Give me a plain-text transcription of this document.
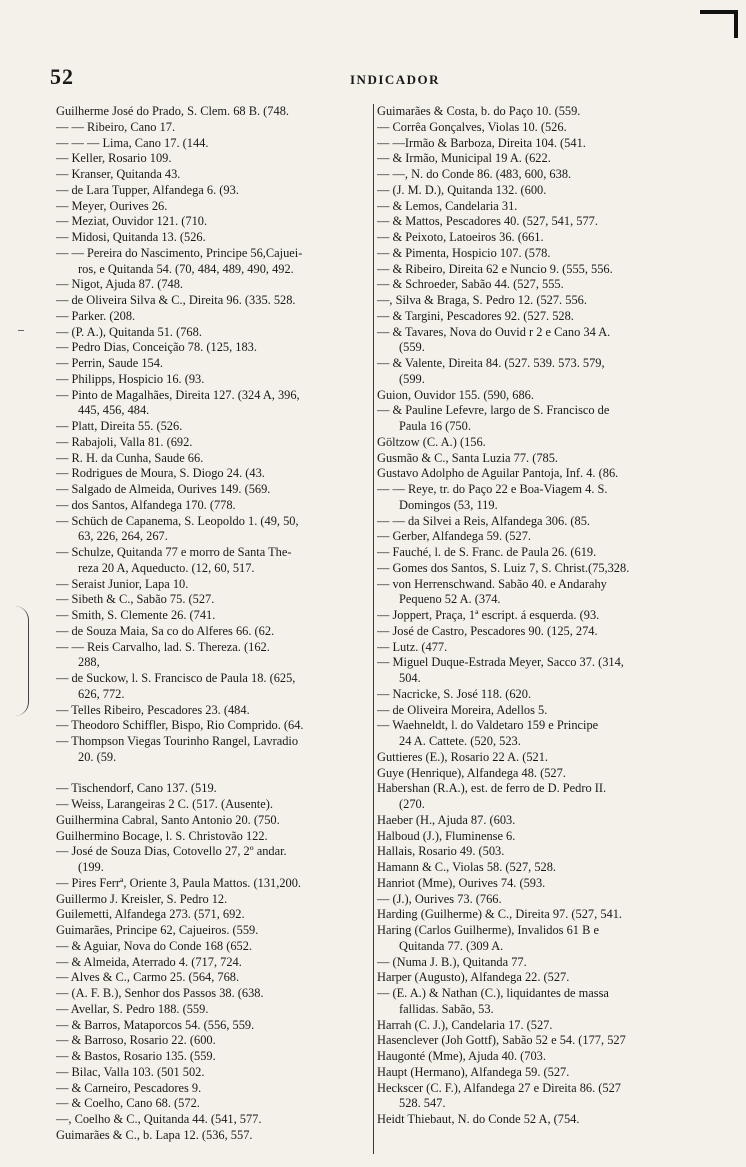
52	INDICADOR
Guilherme José do Prado, S. Clem. 68 B. (748.
— — Ribeiro, Cano 17.
— — — Lima, Cano 17. (144.
— Keller, Rosario 109.
— Kranser, Quitanda 43.
— de Lara Tupper, Alfandega 6. (93.
— Meyer, Ourives 26.
— Meziat, Ouvidor 121. (710.
— Midosi, Quitanda 13. (526.
— — Pereira do Nascimento, Principe 56,Cajuei-
ros, e Quitanda 54. (70, 484, 489, 490, 492.
— Nigot, Ajuda 87. (748.
— de Oliveira Silva & C., Direita 96. (335. 528.
— Parker. (208.
— (P. A.), Quitanda 51. (768.
— Pedro Dias, Conceição 78. (125, 183.
— Perrin, Saude 154.
— Philipps, Hospicio 16. (93.
— Pinto de Magalhães, Direita 127. (324 A, 396,
445, 456, 484.
— Platt, Direita 55. (526.
— Rabajoli, Valla 81. (692.
— R. H. da Cunha, Saude 66.
— Rodrigues de Moura, S. Diogo 24. (43.
— Salgado de Almeida, Ourives 149. (569.
— dos Santos, Alfandega 170. (778.
— Schüch de Capanema, S. Leopoldo 1. (49, 50,
63, 226, 264, 267.
— Schulze, Quitanda 77 e morro de Santa The-
reza 20 A, Aqueducto. (12, 60, 517.
— Seraist Junior, Lapa 10.
— Sibeth & C., Sabão 75. (527.
— Smith, S. Clemente 26. (741.
— de Souza Maia, Sa co do Alferes 66. (62.
— — Reis Carvalho, lad. S. Thereza. (162.
288,
— de Suckow, l. S. Francisco de Paula 18. (625,
626, 772.
— Telles Ribeiro, Pescadores 23. (484.
— Theodoro Schiffler, Bispo, Rio Comprido. (64.
— Thompson Viegas Tourinho Rangel, Lavradio
20. (59.

— Tischendorf, Cano 137. (519.
— Weiss, Larangeiras 2 C. (517. (Ausente).
Guilhermina Cabral, Santo Antonio 20. (750.
Guilhermino Bocage, l. S. Christovão 122.
— José de Souza Dias, Cotovello 27, 2º andar.
(199.
— Pires Ferrª, Oriente 3, Paula Mattos. (131,200.
Guillermo J. Kreisler, S. Pedro 12.
Guilemetti, Alfandega 273. (571, 692.
Guimarães, Principe 62, Cajueiros. (559.
— & Aguiar, Nova do Conde 168 (652.
— & Almeida, Aterrado 4. (717, 724.
— Alves & C., Carmo 25. (564, 768.
— (A. F. B.), Senhor dos Passos 38. (638.
— Avellar, S. Pedro 188. (559.
— & Barros, Mataporcos 54. (556, 559.
— & Barroso, Rosario 22. (600.
— & Bastos, Rosario 135. (559.
— Bilac, Valla 103. (501 502.
— & Carneiro, Pescadores 9.
— & Coelho, Cano 68. (572.
—, Coelho & C., Quitanda 44. (541, 577.
Guimarães & C., b. Lapa 12. (536, 557.
Guimarães & Costa, b. do Paço 10. (559.
— Corrêa Gonçalves, Violas 10. (526.
— —Irmão & Barboza, Direita 104. (541.
— & Irmão, Municipal 19 A. (622.
— —, N. do Conde 86. (483, 600, 638.
— (J. M. D.), Quitanda 132. (600.
— & Lemos, Candelaria 31.
— & Mattos, Pescadores 40. (527, 541, 577.
— & Peixoto, Latoeiros 36. (661.
— & Pimenta, Hospicio 107. (578.
— & Ribeiro, Direita 62 e Nuncio 9. (555, 556.
— & Schroeder, Sabão 44. (527, 555.
—, Silva & Braga, S. Pedro 12. (527. 556.
— & Targini, Pescadores 92. (527. 528.
— & Tavares, Nova do Ouvid r 2 e Cano 34 A.
(559.
— & Valente, Direita 84. (527. 539. 573. 579,
(599.
Guion, Ouvidor 155. (590, 686.
— & Pauline Lefevre, largo de S. Francisco de
Paula 16 (750.
Göltzow (C. A.) (156.
Gusmão & C., Santa Luzia 77. (785.
Gustavo Adolpho de Aguilar Pantoja, Inf. 4. (86.
— — Reye, tr. do Paço 22 e Boa-Viagem 4. S.
Domingos (53, 119.
— — da Silvei a Reis, Alfandega 306. (85.
— Gerber, Alfandega 59. (527.
— Fauché, l. de S. Franc. de Paula 26. (619.
— Gomes dos Santos, S. Luiz 7, S. Christ.(75,328.
— von Herrenschwand. Sabão 40. e Andarahy
Pequeno 52 A. (374.
— Joppert, Praça, 1ª escript. á esquerda. (93.
— José de Castro, Pescadores 90. (125, 274.
— Lutz. (477.
— Miguel Duque-Estrada Meyer, Sacco 37. (314,
504.
— Nacricke, S. José 118. (620.
— de Oliveira Moreira, Adellos 5.
— Waehneldt, l. do Valdetaro 159 e Principe
24 A. Cattete. (520, 523.
Guttieres (E.), Rosario 22 A. (521.
Guye (Henrique), Alfandega 48. (527.
Habershan (R.A.), est. de ferro de D. Pedro II.
(270.
Haeber (H., Ajuda 87. (603.
Halboud (J.), Fluminense 6.
Hallais, Rosario 49. (503.
Hamann & C., Violas 58. (527, 528.
Hanriot (Mme), Ourives 74. (593.
— (J.), Ourives 73. (766.
Harding (Guilherme) & C., Direita 97. (527, 541.
Haring (Carlos Guilherme), Invalidos 61 B e
Quitanda 77. (309 A.
— (Numa J. B.), Quitanda 77.
Harper (Augusto), Alfandega 22. (527.
— (E. A.) & Nathan (C.), liquidantes de massa
fallidas. Sabão, 53.
Harrah (C. J.), Candelaria 17. (527.
Hasenclever (Joh Gottf), Sabão 52 e 54. (177, 527
Haugonté (Mme), Ajuda 40. (703.
Haupt (Hermano), Alfandega 59. (527.
Heckscer (C. F.), Alfandega 27 e Direita 86. (527
528. 547.
Heidt Thiebaut, N. do Conde 52 A, (754.
